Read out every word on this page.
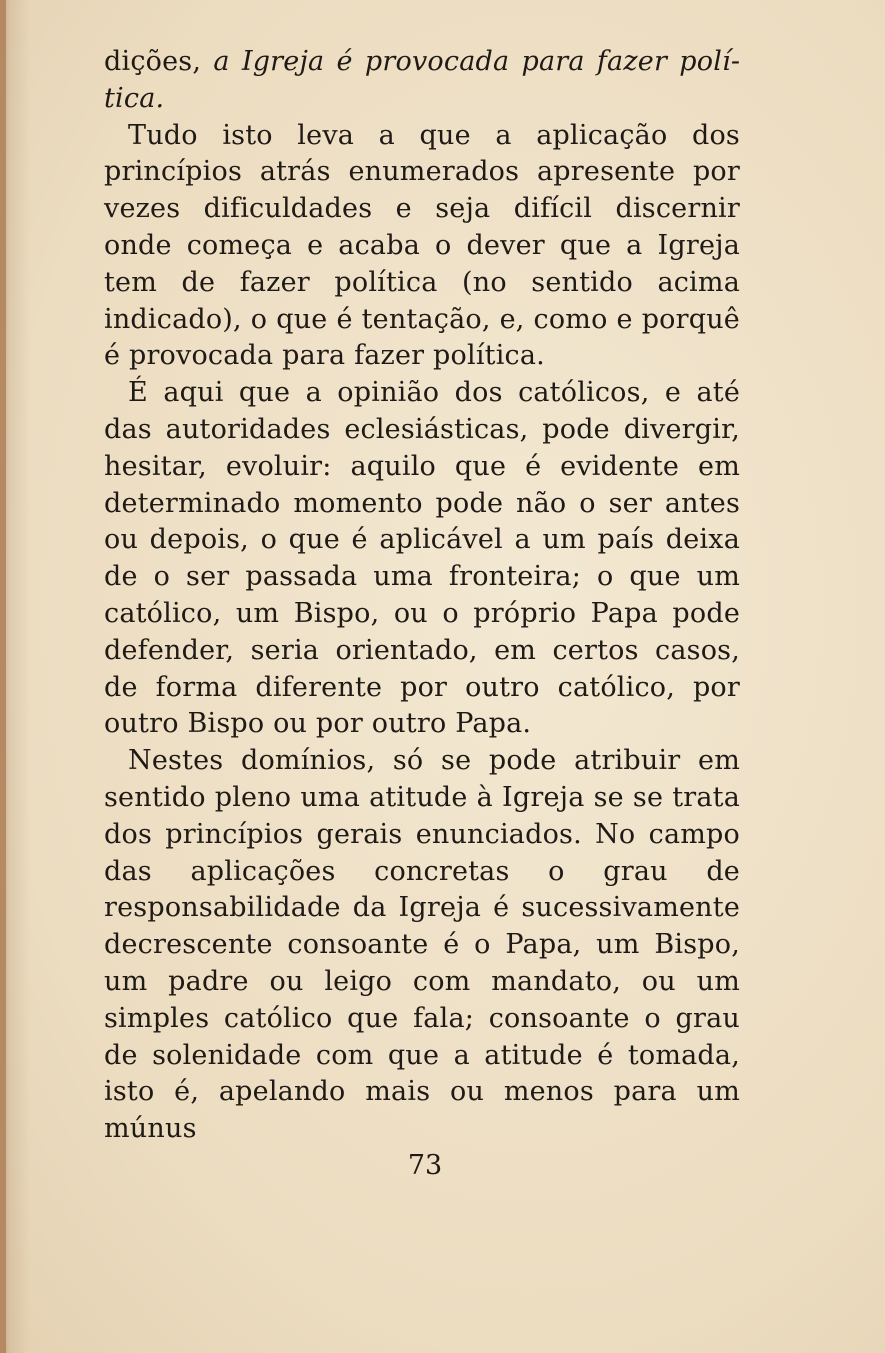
dições, a Igreja é provocada para fazer política.

Tudo isto leva a que a aplicação dos princípios atrás enumerados apresente por vezes dificuldades e seja difícil discernir onde começa e acaba o dever que a Igreja tem de fazer política (no sentido acima indicado), o que é tentação, e, como e porquê é provocada para fazer política.

É aqui que a opinião dos católicos, e até das autoridades eclesiásticas, pode divergir, hesitar, evoluir: aquilo que é evidente em determinado momento pode não o ser antes ou depois, o que é aplicável a um país deixa de o ser passada uma fronteira; o que um católico, um Bispo, ou o próprio Papa pode defender, seria orientado, em certos casos, de forma diferente por outro católico, por outro Bispo ou por outro Papa.

Nestes domínios, só se pode atribuir em sentido pleno uma atitude à Igreja se se trata dos princípios gerais enunciados. No campo das aplicações concretas o grau de responsabilidade da Igreja é sucessivamente decrescente consoante é o Papa, um Bispo, um padre ou leigo com mandato, ou um simples católico que fala; consoante o grau de solenidade com que a atitude é tomada, isto é, apelando mais ou menos para um múnus

73
